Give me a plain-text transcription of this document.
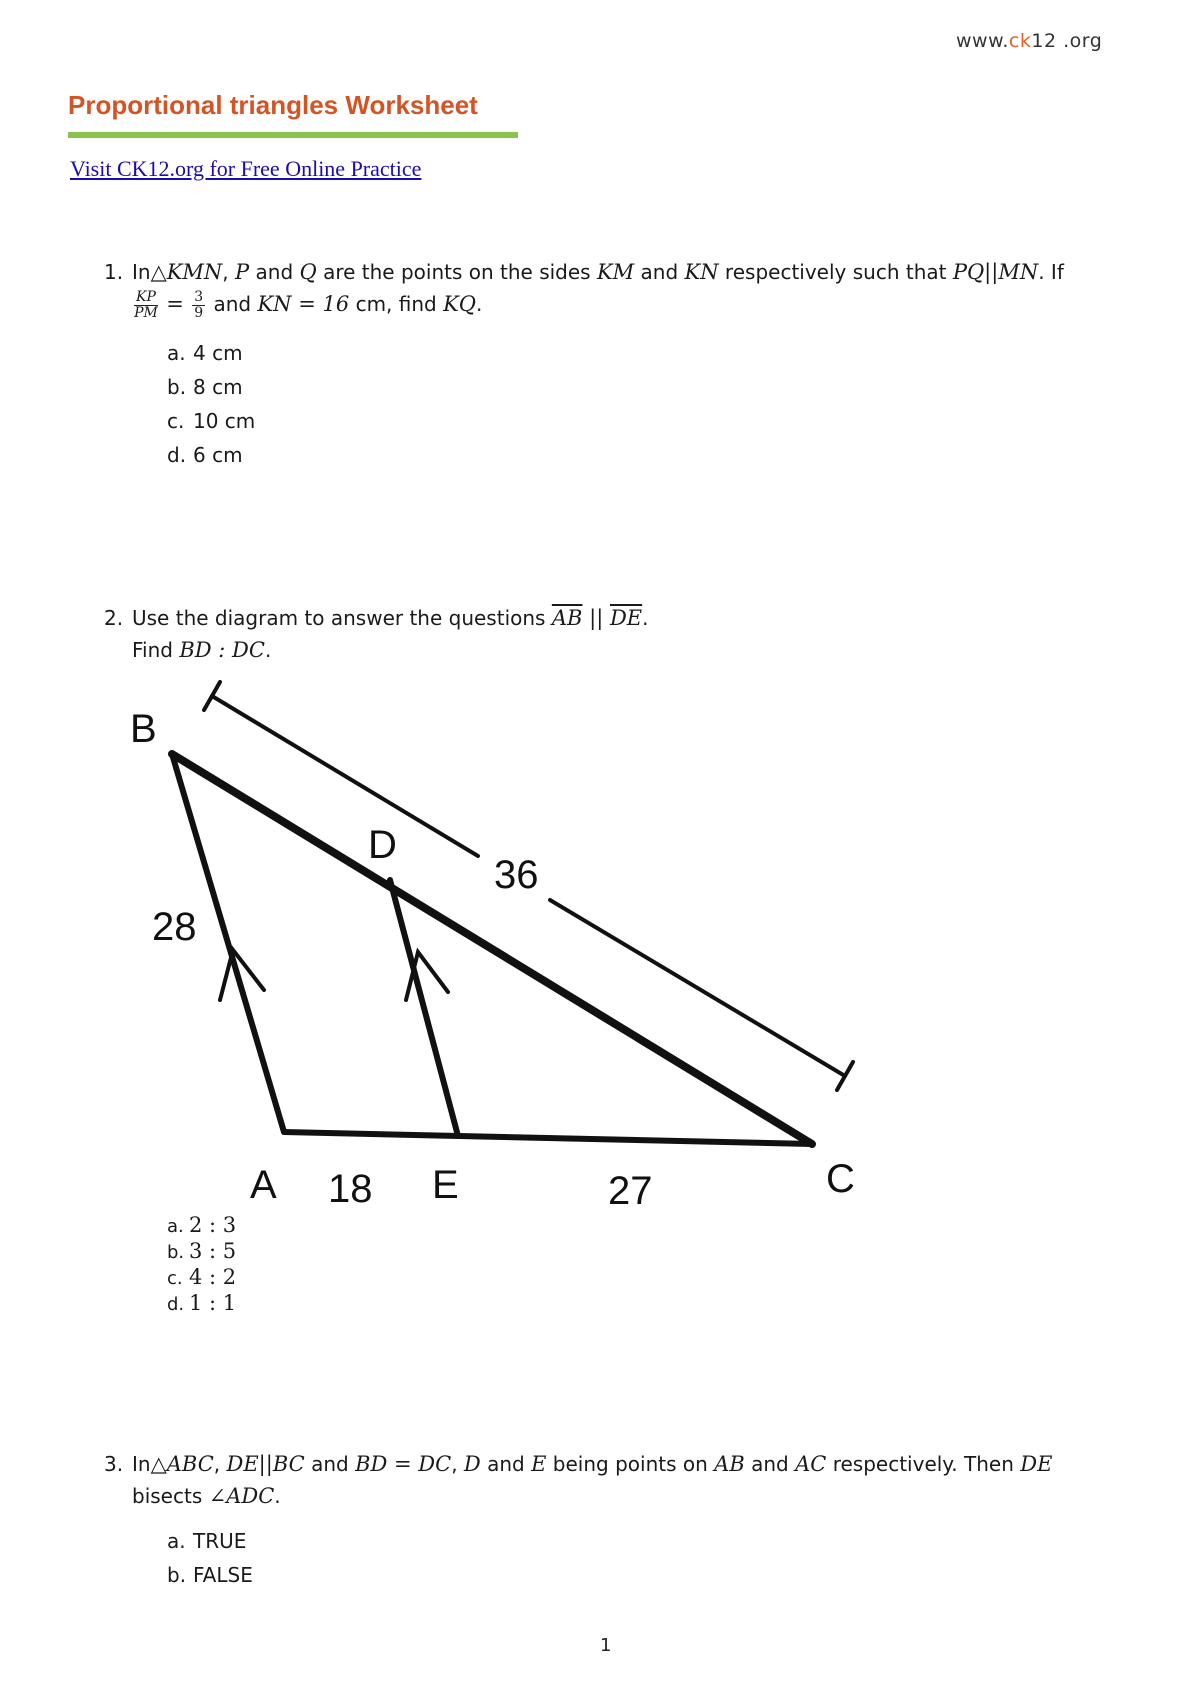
www.ck12 .org
Proportional triangles Worksheet
Visit CK12.org for Free Online Practice
1. In△KMN, P and Q are the points on the sides KM and KN respectively such that PQ||MN. If

$\frac{KP}{PM} = \frac{3}{9}$ and KN = 16 cm, find KQ.
a. 4 cm
b. 8 cm
c. 10 cm
d. 6 cm
2. Use the diagram to answer the questions $\overline{AB}$ || $\overline{DE}$.
Find BD : DC.
B
D
A	E	C
28
36
18	27
a. 2 : 3
b. 3 : 5
c. 4 : 2
d. 1 : 1
3. In△ABC, DE||BC and BD = DC, D and E being points on AB and AC respectively. Then DE
bisects ∠ADC.
a. TRUE
b. FALSE
1
